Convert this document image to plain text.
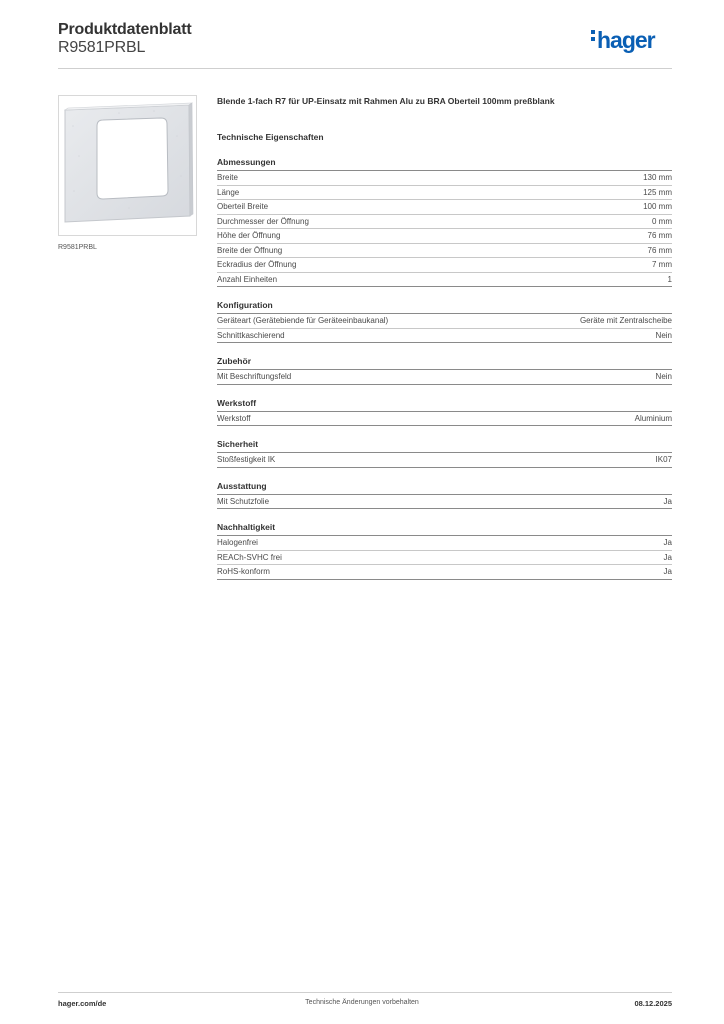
Produktdatenblatt
R9581PRBL	hager
R9581PRBL
Blende 1-fach R7 für UP-Einsatz mit Rahmen Alu zu BRA Oberteil 100mm preßblank
Technische Eigenschaften
Abmessungen
Breite	130 mm
Länge	125 mm
Oberteil Breite	100 mm
Durchmesser der Öffnung	0 mm
Höhe der Öffnung	76 mm
Breite der Öffnung	76 mm
Eckradius der Öffnung	7 mm
Anzahl Einheiten	1
Konfiguration
Geräteart (Gerätebiende für Geräteeinbaukanal)	Geräte mit Zentralscheibe
Schnittkaschierend	Nein
Zubehör
Mit Beschriftungsfeld	Nein
Werkstoff
Werkstoff	Aluminium
Sicherheit
Stoßfestigkeit IK	IK07
Ausstattung
Mit Schutzfolie	Ja
Nachhaltigkeit
Halogenfrei	Ja
REACh-SVHC frei	Ja
RoHS-konform	Ja
hager.com/de	Technische Änderungen vorbehalten	08.12.2025
